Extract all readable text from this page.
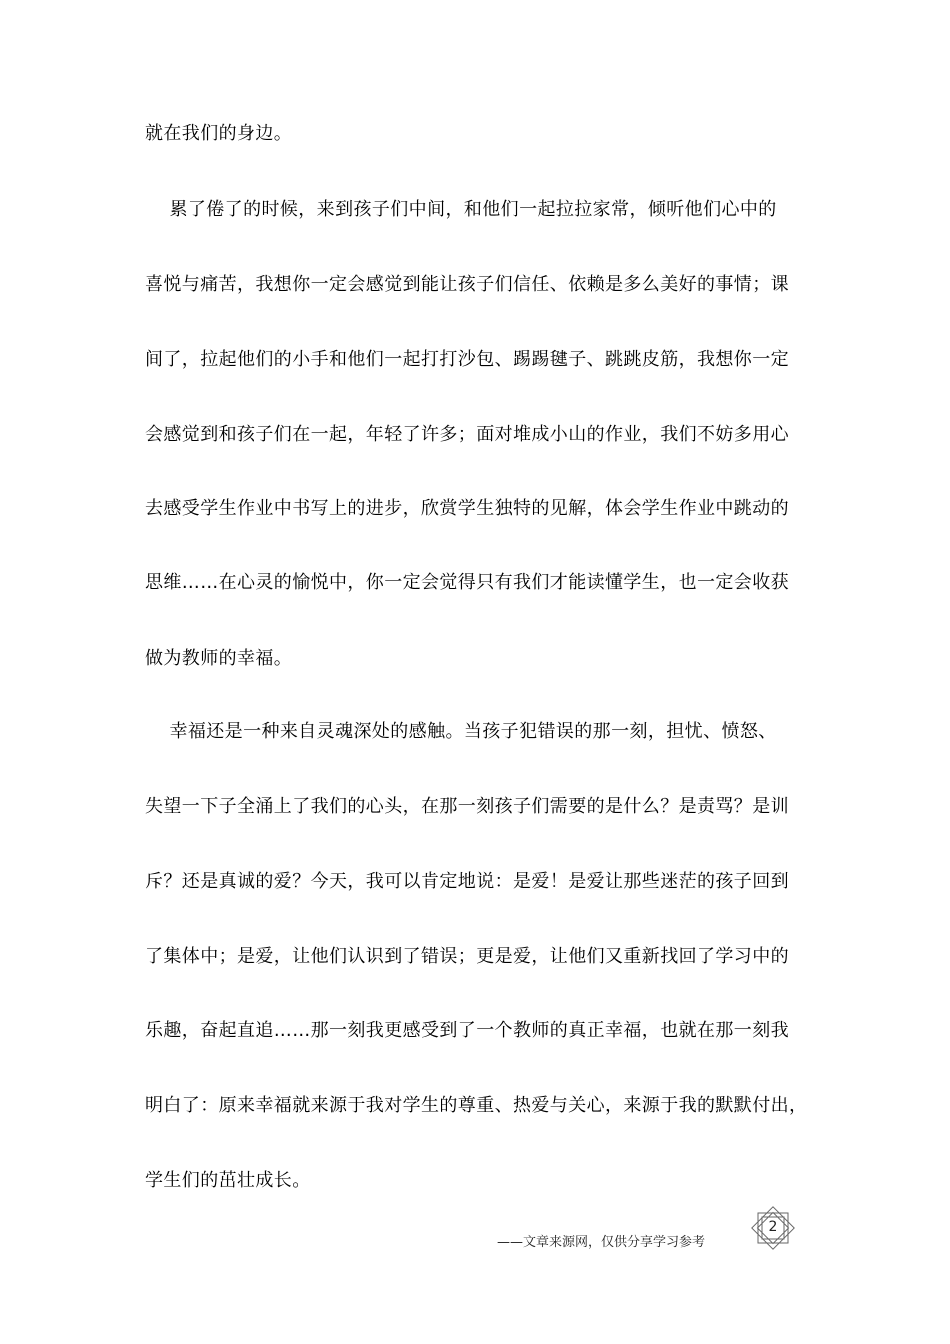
就在我们的身边。
累了倦了的时候，来到孩子们中间，和他们一起拉拉家常，倾听他们心中的
喜悦与痛苦，我想你一定会感觉到能让孩子们信任、依赖是多么美好的事情；课
间了，拉起他们的小手和他们一起打打沙包、踢踢毽子、跳跳皮筋，我想你一定
会感觉到和孩子们在一起，年轻了许多；面对堆成小山的作业，我们不妨多用心
去感受学生作业中书写上的进步，欣赏学生独特的见解，体会学生作业中跳动的
思维……在心灵的愉悦中，你一定会觉得只有我们才能读懂学生，也一定会收获
做为教师的幸福。
幸福还是一种来自灵魂深处的感触。当孩子犯错误的那一刻，担忧、愤怒、
失望一下子全涌上了我们的心头，在那一刻孩子们需要的是什么？是责骂？是训
斥？还是真诚的爱？今天，我可以肯定地说：是爱！是爱让那些迷茫的孩子回到
了集体中；是爱，让他们认识到了错误；更是爱，让他们又重新找回了学习中的
乐趣，奋起直追……那一刻我更感受到了一个教师的真正幸福，也就在那一刻我
明白了：原来幸福就来源于我对学生的尊重、热爱与关心，来源于我的默默付出，
学生们的茁壮成长。
——文章来源网，仅供分享学习参考
2
